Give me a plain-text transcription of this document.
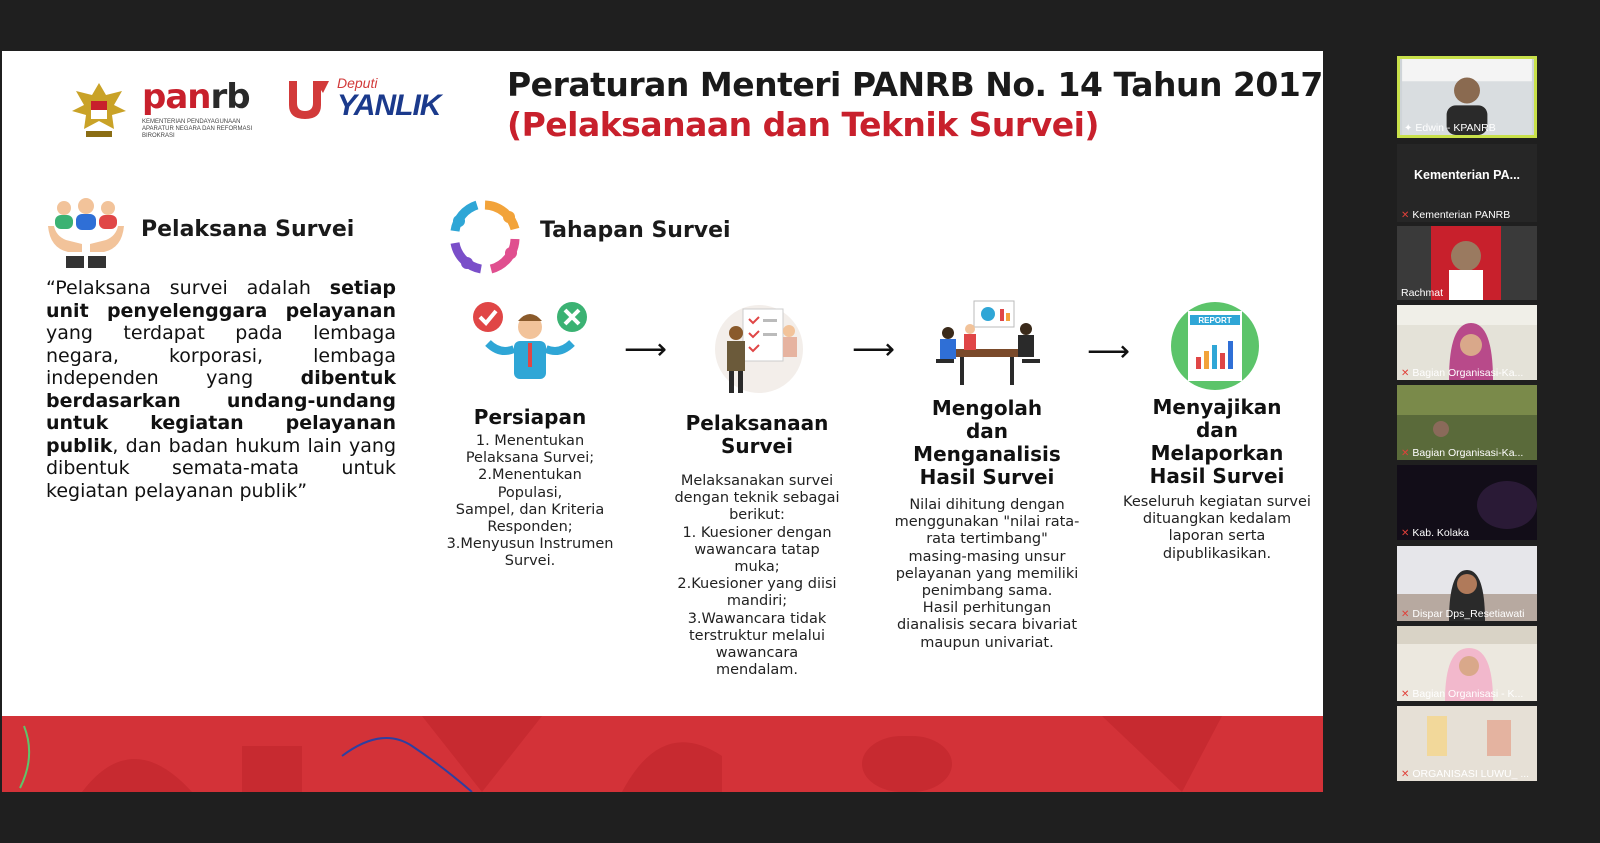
panrb
KEMENTERIAN PENDAYAGUNAAN APARATUR NEGARA DAN REFORMASI BIROKRASI
Deputi
YANLIK
Peraturan Menteri PANRB No. 14 Tahun 2017
(Pelaksanaan dan Teknik Survei)
Pelaksana Survei	Tahapan Survei
“Pelaksana survei adalah setiap unit penyelenggara pelayanan yang terdapat pada lembaga negara, korporasi, lembaga independen yang dibentuk berdasarkan undang-undang untuk kegiatan pelayanan publik, dan badan hukum lain yang dibentuk semata-mata untuk kegiatan pelayanan publik”
⟶	⟶	⟶
REPORT
Persiapan
1. Menentukan
Pelaksana Survei;
2.Menentukan Populasi,
Sampel, dan Kriteria
Responden;
3.Menyusun Instrumen
Survei.
Pelaksanaan
Survei
Melaksanakan survei
dengan teknik sebagai
berikut:
1. Kuesioner dengan
wawancara tatap
muka;
2.Kuesioner yang diisi
mandiri;
3.Wawancara tidak
terstruktur melalui
wawancara
mendalam.
Mengolah
dan
Menganalisis
Hasil Survei
Nilai dihitung dengan
menggunakan "nilai rata-
rata tertimbang"
masing-masing unsur
pelayanan yang memiliki
penimbang sama.
Hasil perhitungan
dianalisis secara bivariat
maupun univariat.
Menyajikan
dan
Melaporkan
Hasil Survei
Keseluruh kegiatan survei
dituangkan kedalam
laporan serta
dipublikasikan.
✦ Edwin - KPANRB
Kementerian PA...
✕ Kementerian PANRB
Rachmat
✕ Bagian Organisasi-Ka...
✕ Bagian Organisasi-Ka...
✕ Kab. Kolaka
✕ Dispar Dps_Resetiawati
✕ Bagian Organisasi - K...
✕ ORGANISASI LUWU_ ...
